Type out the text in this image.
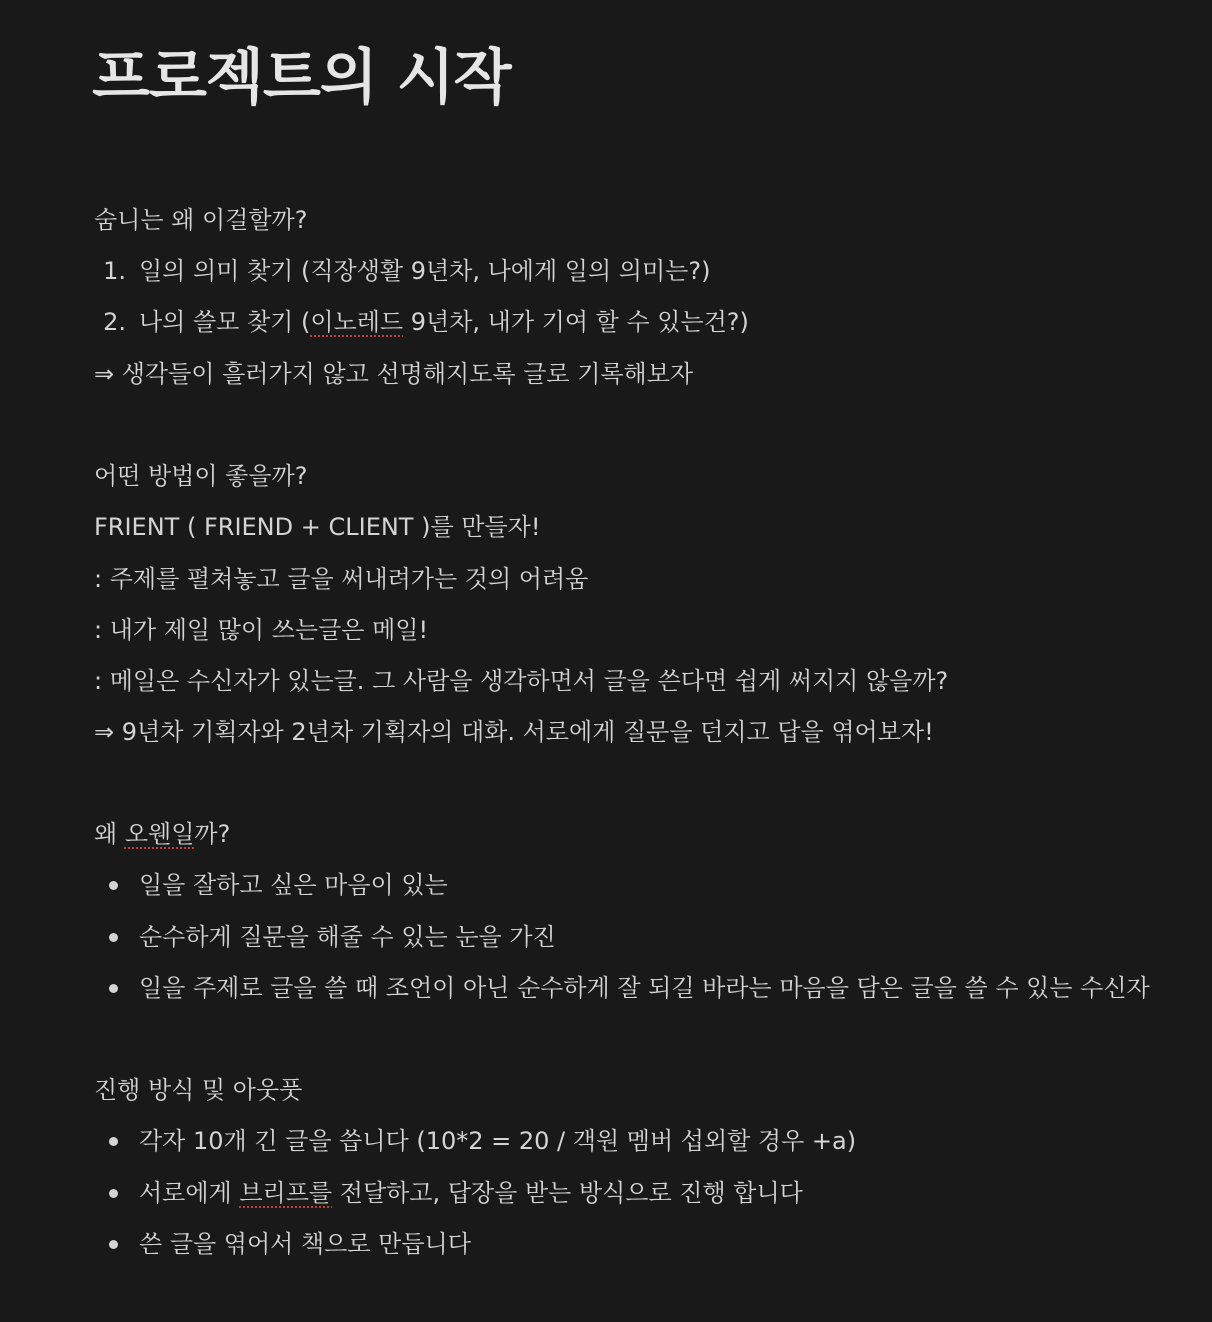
프로젝트의 시작
숨니는 왜 이걸할까?
1. 일의 의미 찾기 (직장생활 9년차, 나에게 일의 의미는?)
2. 나의 쓸모 찾기 (이노레드 9년차, 내가 기여 할 수 있는건?)
⇒ 생각들이 흘러가지 않고 선명해지도록 글로 기록해보자
어떤 방법이 좋을까?
FRIENT ( FRIEND + CLIENT )를 만들자!
: 주제를 펼쳐놓고 글을 써내려가는 것의 어려움
: 내가 제일 많이 쓰는글은 메일!
: 메일은 수신자가 있는글. 그 사람을 생각하면서 글을 쓴다면 쉽게 써지지 않을까?
⇒ 9년차 기획자와 2년차 기획자의 대화. 서로에게 질문을 던지고 답을 엮어보자!
왜 오웬일까?
일을 잘하고 싶은 마음이 있는
순수하게 질문을 해줄 수 있는 눈을 가진
일을 주제로 글을 쓸 때 조언이 아닌 순수하게 잘 되길 바라는 마음을 담은 글을 쓸 수 있는 수신자
진행 방식 및 아웃풋
각자 10개 긴 글을 씁니다 (10*2 = 20 / 객원 멤버 섭외할 경우 +a)
서로에게 브리프를 전달하고, 답장을 받는 방식으로 진행 합니다
쓴 글을 엮어서 책으로 만듭니다
